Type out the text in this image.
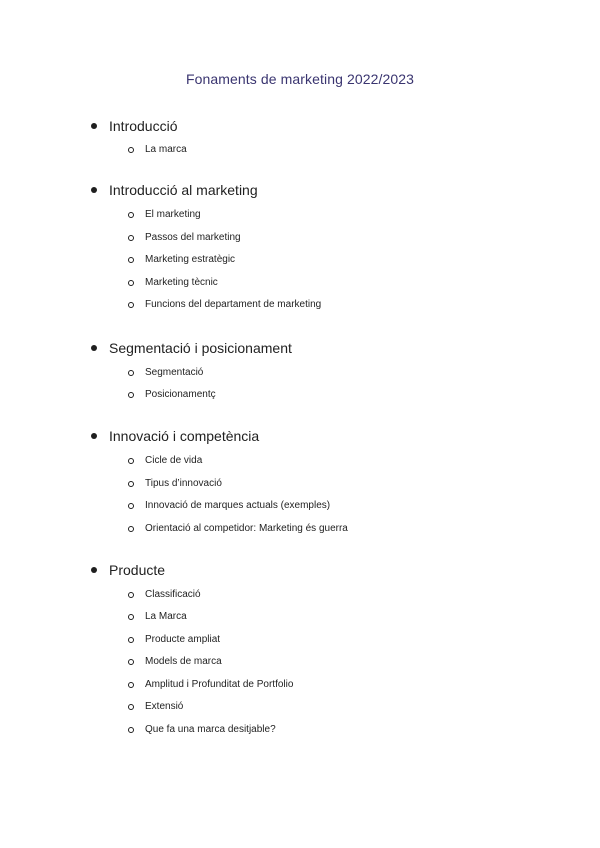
Fonaments de marketing 2022/2023
Introducció
La marca
Introducció al marketing
El marketing
Passos del marketing
Marketing estratègic
Marketing tècnic
Funcions del departament de marketing
Segmentació i posicionament
Segmentació
Posicionamentç
Innovació i competència
Cicle de vida
Tipus d’innovació
Innovació de marques actuals (exemples)
Orientació al competidor: Marketing és guerra
Producte
Classificació
La Marca
Producte ampliat
Models de marca
Amplitud i Profunditat de Portfolio
Extensió
Que fa una marca desitjable?
